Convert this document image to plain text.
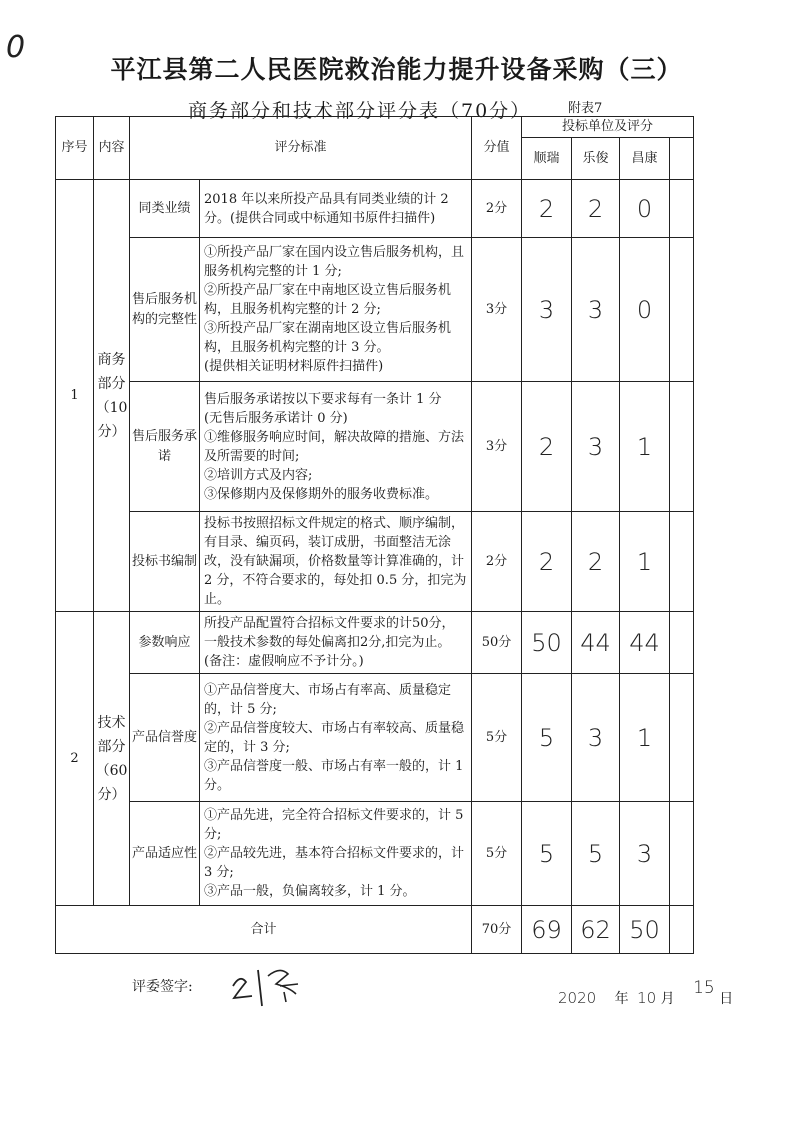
0
平江县第二人民医院救治能力提升设备采购（三）
商务部分和技术部分评分表（70分）	附表7
序号	内容	评分标准		分值	投标单位及评分			
					顺瑞	乐俊	昌康	
1	商务部分（10分）	同类业绩	2018 年以来所投产品具有同类业绩的计 2 分。(提供合同或中标通知书原件扫描件)	2分	2	2	0	
		售后服务机构的完整性	①所投产品厂家在国内设立售后服务机构，且服务机构完整的计 1 分;
②所投产品厂家在中南地区设立售后服务机构，且服务机构完整的计 2 分;
③所投产品厂家在湖南地区设立售后服务机构，且服务机构完整的计 3 分。
(提供相关证明材料原件扫描件)	3分	3	3	0	
		售后服务承诺	售后服务承诺按以下要求每有一条计 1 分
(无售后服务承诺计 0 分)
①维修服务响应时间，解决故障的措施、方法及所需要的时间;
②培训方式及内容;
③保修期内及保修期外的服务收费标准。	3分	2	3	1	
		投标书编制	投标书按照招标文件规定的格式、顺序编制，有目录、编页码，装订成册，书面整洁无涂改，没有缺漏项，价格数量等计算准确的，计 2 分，不符合要求的，每处扣 0.5 分，扣完为止。	2分	2	2	1	
2	技术部分（60分）	参数响应	所投产品配置符合招标文件要求的计50分，一般技术参数的每处偏离扣2分,扣完为止。
(备注：虚假响应不予计分。)	50分	50	44	44	
		产品信誉度	①产品信誉度大、市场占有率高、质量稳定的，计 5 分;
②产品信誉度较大、市场占有率较高、质量稳定的，计 3 分;
③产品信誉度一般、市场占有率一般的，计 1 分。	5分	5	3	1	
		产品适应性	①产品先进，完全符合招标文件要求的，计 5 分;
②产品较先进，基本符合招标文件要求的，计 3 分;
③产品一般，负偏离较多，计 1 分。	5分	5	5	3	
合计				70分	69	62	50	
评委签字:
2020 年 10 月 15 日
